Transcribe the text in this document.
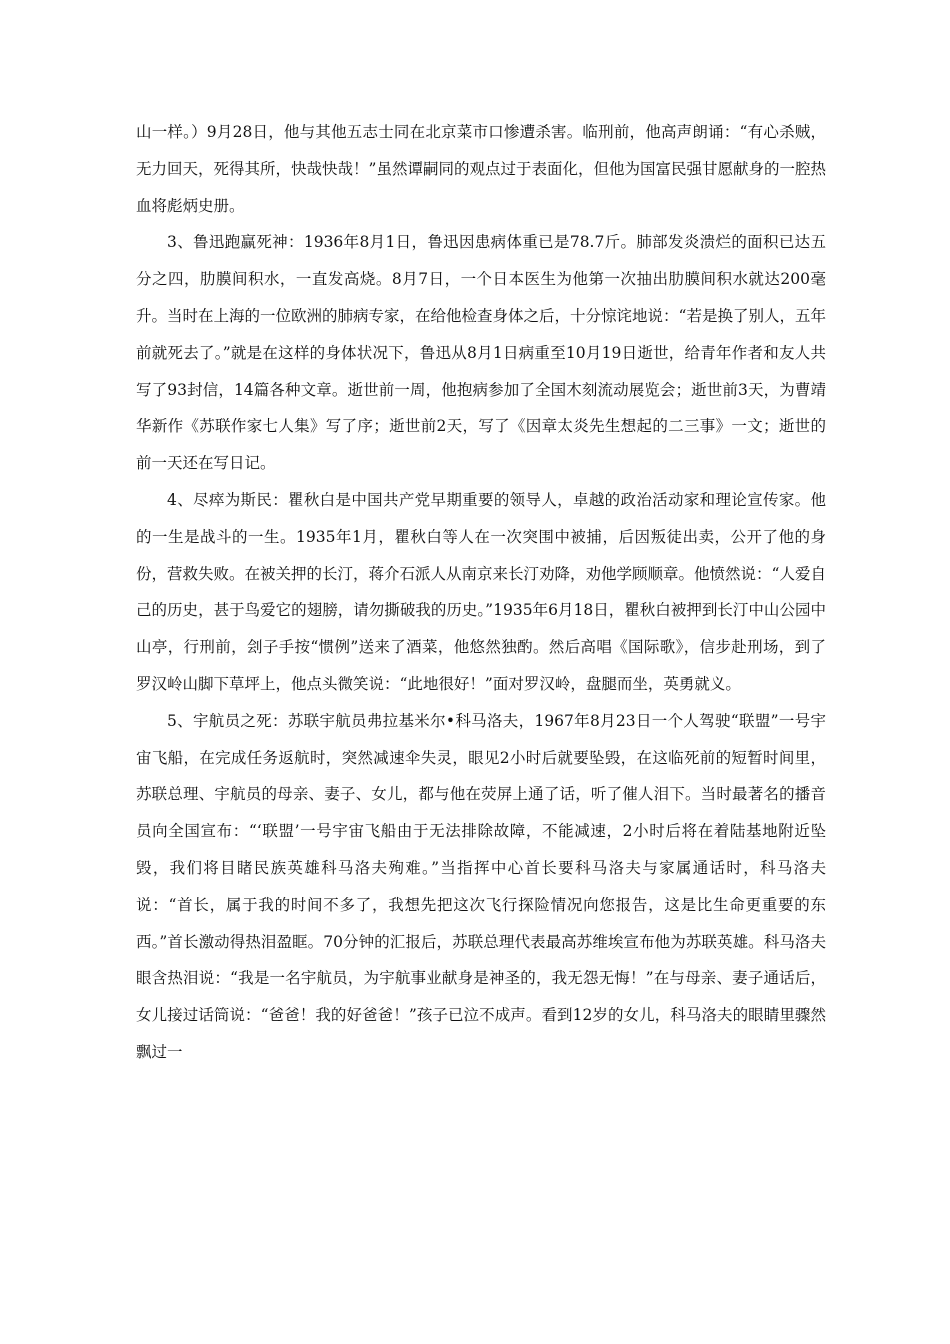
山一样。）9月28日，他与其他五志士同在北京菜市口惨遭杀害。临刑前，他高声朗诵：“有心杀贼，无力回天，死得其所，快哉快哉！”虽然谭嗣同的观点过于表面化，但他为国富民强甘愿献身的一腔热血将彪炳史册。

3、鲁迅跑赢死神：1936年8月1日，鲁迅因患病体重已是78.7斤。肺部发炎溃烂的面积已达五分之四，肋膜间积水，一直发高烧。8月7日，一个日本医生为他第一次抽出肋膜间积水就达200毫升。当时在上海的一位欧洲的肺病专家，在给他检查身体之后，十分惊诧地说：“若是换了别人，五年前就死去了。”就是在这样的身体状况下，鲁迅从8月1日病重至10月19日逝世，给青年作者和友人共写了93封信，14篇各种文章。逝世前一周，他抱病参加了全国木刻流动展览会；逝世前3天，为曹靖华新作《苏联作家七人集》写了序；逝世前2天，写了《因章太炎先生想起的二三事》一文；逝世的前一天还在写日记。

4、尽瘁为斯民：瞿秋白是中国共产党早期重要的领导人，卓越的政治活动家和理论宣传家。他的一生是战斗的一生。1935年1月，瞿秋白等人在一次突围中被捕，后因叛徒出卖，公开了他的身份，营救失败。在被关押的长汀，蒋介石派人从南京来长汀劝降，劝他学顾顺章。他愤然说：“人爱自己的历史，甚于鸟爱它的翅膀，请勿撕破我的历史。”1935年6月18日，瞿秋白被押到长汀中山公园中山亭，行刑前，刽子手按“惯例”送来了酒菜，他悠然独酌。然后高唱《国际歌》，信步赴刑场，到了罗汉岭山脚下草坪上，他点头微笑说：“此地很好！”面对罗汉岭，盘腿而坐，英勇就义。

5、宇航员之死：苏联宇航员弗拉基米尔•科马洛夫，1967年8月23日一个人驾驶“联盟”一号宇宙飞船，在完成任务返航时，突然减速伞失灵，眼见2小时后就要坠毁，在这临死前的短暂时间里，苏联总理、宇航员的母亲、妻子、女儿，都与他在荧屏上通了话，听了催人泪下。当时最著名的播音员向全国宣布：“‘联盟’一号宇宙飞船由于无法排除故障，不能减速，2小时后将在着陆基地附近坠毁，我们将目睹民族英雄科马洛夫殉难。”当指挥中心首长要科马洛夫与家属通话时，科马洛夫说：“首长，属于我的时间不多了，我想先把这次飞行探险情况向您报告，这是比生命更重要的东西。”首长激动得热泪盈眶。70分钟的汇报后，苏联总理代表最高苏维埃宣布他为苏联英雄。科马洛夫眼含热泪说：“我是一名宇航员，为宇航事业献身是神圣的，我无怨无悔！”在与母亲、妻子通话后，女儿接过话筒说：“爸爸！我的好爸爸！”孩子已泣不成声。看到12岁的女儿，科马洛夫的眼睛里骤然飘过一
